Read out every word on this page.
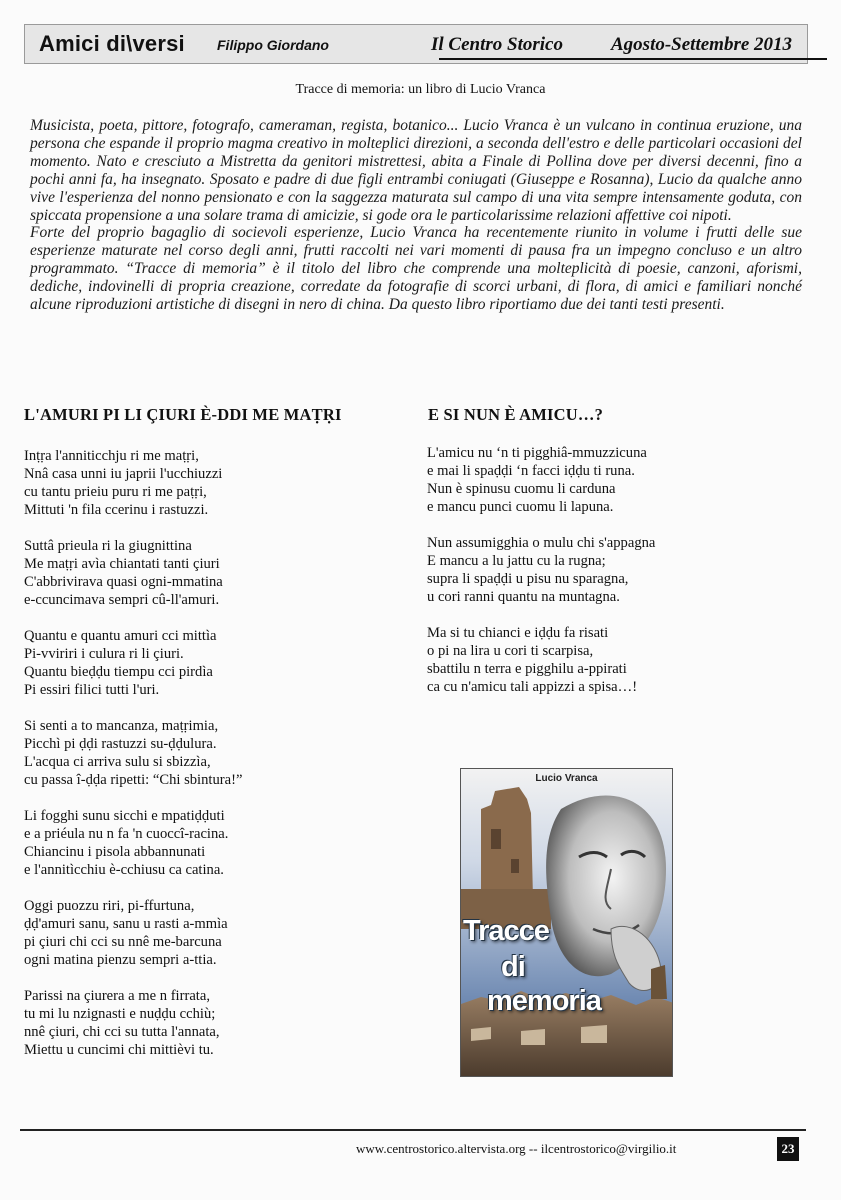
Amici di\versi Filippo Giordano	Il Centro Storico	Agosto-Settembre 2013
Tracce di memoria: un libro di Lucio Vranca

Musicista, poeta, pittore, fotografo, cameraman, regista, botanico... Lucio Vranca è un vulcano in continua eruzione, una persona che espande il proprio magma creativo in molteplici direzioni, a seconda dell'estro e delle particolari occasioni del momento. Nato e cresciuto a Mistretta da genitori mistrettesi, abita a Finale di Pollina dove per diversi decenni, fino a pochi anni fa, ha insegnato. Sposato e padre di due figli entrambi coniugati (Giuseppe e Rosanna), Lucio da qualche anno vive l'esperienza del nonno pensionato e con la saggezza maturata sul campo di una vita sempre intensamente goduta, con spiccata propensione a una solare trama di amicizie, si gode ora le particolarissime relazioni affettive coi nipoti.

Forte del proprio bagaglio di socievoli esperienze, Lucio Vranca ha recentemente riunito in volume i frutti delle sue esperienze maturate nel corso degli anni, frutti raccolti nei vari momenti di pausa fra un impegno concluso e un altro programmato. “Tracce di memoria” è il titolo del libro che comprende una molteplicità di poesie, canzoni, aforismi, dediche, indovinelli di propria creazione, corredate da fotografie di scorci urbani, di flora, di amici e familiari nonché alcune riproduzioni artistiche di disegni in nero di china. Da questo libro riportiamo due dei tanti testi presenti.

L'AMURI PI LI ÇIURI È-DDI ME MAṬṚI
Inṭṛa l'anniticchju ri me maṭṛi,
Nnâ casa unni iu japrii l'ucchiuzzi
cu tantu prieiu puru ri me paṭṛi,
Mittuti 'n fila ccerinu i rastuzzi.
Suttâ prieula ri la giugnittina
Me maṭṛi avìa chiantati tanti çiuri
C'abbrivirava quasi ogni-mmatina
e-ccuncimava sempri cû-ll'amuri.
Quantu e quantu amuri cci mittìa
Pi-vviriri i culura ri li çiuri.
Quantu bieḍḍu tiempu cci pirdìa
Pi essiri filici tutti l'uri.
Si senti a to mancanza, maṭṛimia,
Picchì pi ḍḍi rastuzzi su-ḍḍulura.
L'acqua ci arriva sulu si sbizzìa,
cu passa î-ḍḍa ripetti: “Chi sbintura!”
Li fogghi sunu sicchi e mpatiḍḍuti
e a priéula nu n fa 'n cuoccî-racina.
Chiancinu i pisola abbannunati
e l'annitìcchiu è-cchiusu ca catina.
Oggi puozzu riri, pi-ffurtuna,
ḍḍ'amuri sanu, sanu u rasti a-mmìa
pi çiuri chi cci su nnê me-barcuna
ogni matina pienzu sempri a-ttia.
Parissi na çiurera a me n firrata,
tu mi lu nzignasti e nuḍḍu cchiù;
nnê çiuri, chi cci su tutta l'annata,
Miettu u cuncimi chi mittièvi tu.
E SI NUN È AMICU…?
L'amicu nu ‘n ti pigghiâ-mmuzzicuna
e mai li spaḍḍi ‘n facci iḍḍu ti runa.
Nun è spinusu cuomu li carduna
e mancu punci cuomu li lapuna.
Nun assumigghia o mulu chi s'appagna
E mancu a lu jattu cu la rugna;
supra li spaḍḍi u pisu nu sparagna,
u cori ranni quantu na muntagna.
Ma si tu chianci e iḍḍu fa risati
o pi na lira u cori ti scarpisa,
sbattilu n terra e pigghilu a-ppirati
ca cu n'amicu tali appizzi a spisa…!
Lucio Vranca
Tracce
di
memoria
www.centrostorico.altervista.org -- ilcentrostorico@virgilio.it	23
